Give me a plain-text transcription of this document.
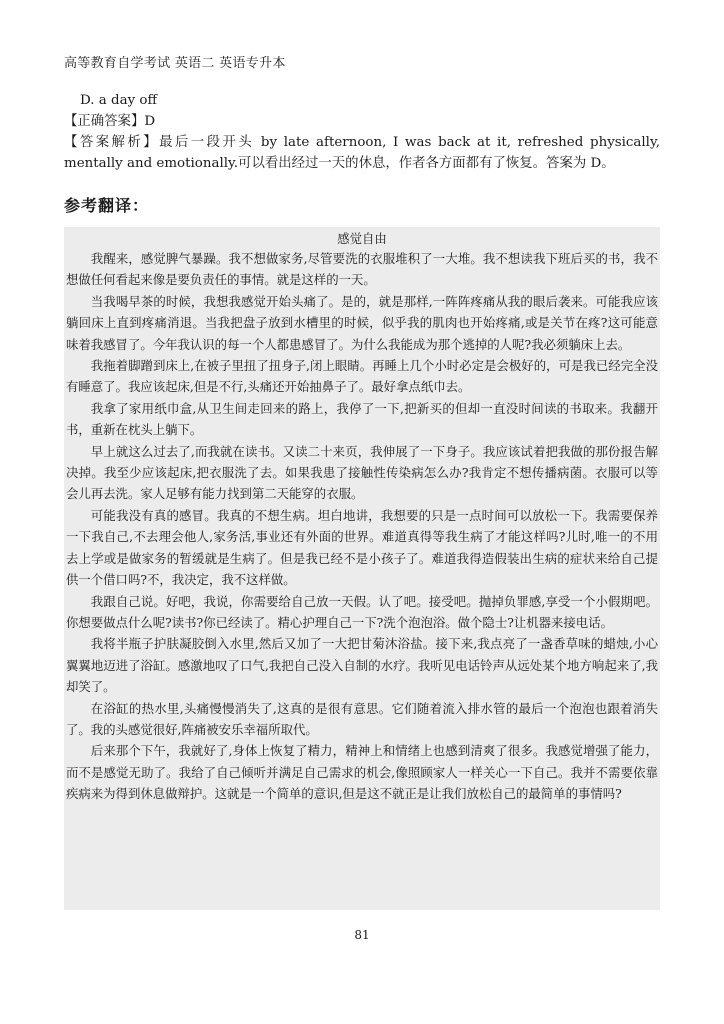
高等教育自学考试 英语二 英语专升本
D. a day off
【正确答案】D
【答案解析】最后一段开头 by late afternoon, I was back at it, refreshed physically, mentally and emotionally.可以看出经过一天的休息，作者各方面都有了恢复。答案为 D。
参考翻译：
感觉自由

我醒来，感觉脾气暴躁。我不想做家务,尽管要洗的衣服堆积了一大堆。我不想读我下班后买的书，我不想做任何看起来像是要负责任的事情。就是这样的一天。

当我喝早茶的时候，我想我感觉开始头痛了。是的，就是那样,一阵阵疼痛从我的眼后袭来。可能我应该躺回床上直到疼痛消退。当我把盘子放到水槽里的时候，似乎我的肌肉也开始疼痛,或是关节在疼?这可能意味着我感冒了。今年我认识的每一个人都患感冒了。为什么我能成为那个逃掉的人呢?我必须躺床上去。

我拖着脚蹭到床上,在被子里扭了扭身子,闭上眼睛。再睡上几个小时必定是会极好的，可是我已经完全没有睡意了。我应该起床,但是不行,头痛还开始抽鼻子了。最好拿点纸巾去。

我拿了家用纸巾盒,从卫生间走回来的路上，我停了一下,把新买的但却一直没时间读的书取来。我翻开书，重新在枕头上躺下。

早上就这么过去了,而我就在读书。又读二十来页，我伸展了一下身子。我应该试着把我做的那份报告解决掉。我至少应该起床,把衣服洗了去。如果我患了接触性传染病怎么办?我肯定不想传播病菌。衣服可以等会儿再去洗。家人足够有能力找到第二天能穿的衣服。

可能我没有真的感冒。我真的不想生病。坦白地讲，我想要的只是一点时间可以放松一下。我需要保养一下我自己,不去理会他人,家务活,事业还有外面的世界。难道真得等我生病了才能这样吗?儿时,唯一的不用去上学或是做家务的暂缓就是生病了。但是我已经不是小孩子了。难道我得造假装出生病的症状来给自己提供一个借口吗?不，我决定，我不这样做。

我跟自己说。好吧，我说，你需要给自己放一天假。认了吧。接受吧。抛掉负罪感,享受一个小假期吧。你想要做点什么呢?读书?你已经读了。精心护理自己一下?洗个泡泡浴。做个隐士?让机器来接电话。

我将半瓶子护肤凝胶倒入水里,然后又加了一大把甘菊沐浴盐。接下来,我点亮了一盏香草味的蜡烛,小心翼翼地迈进了浴缸。感激地叹了口气,我把自己没入自制的水疗。我听见电话铃声从远处某个地方响起来了,我却笑了。

在浴缸的热水里,头痛慢慢消失了,这真的是很有意思。它们随着流入排水管的最后一个泡泡也跟着消失了。我的头感觉很好,阵痛被安乐幸福所取代。

后来那个下午，我就好了,身体上恢复了精力，精神上和情绪上也感到清爽了很多。我感觉增强了能力，而不是感觉无助了。我给了自己倾听并满足自己需求的机会,像照顾家人一样关心一下自己。我并不需要依靠疾病来为得到休息做辩护。这就是一个简单的意识,但是这不就正是让我们放松自己的最简单的事情吗?

81
